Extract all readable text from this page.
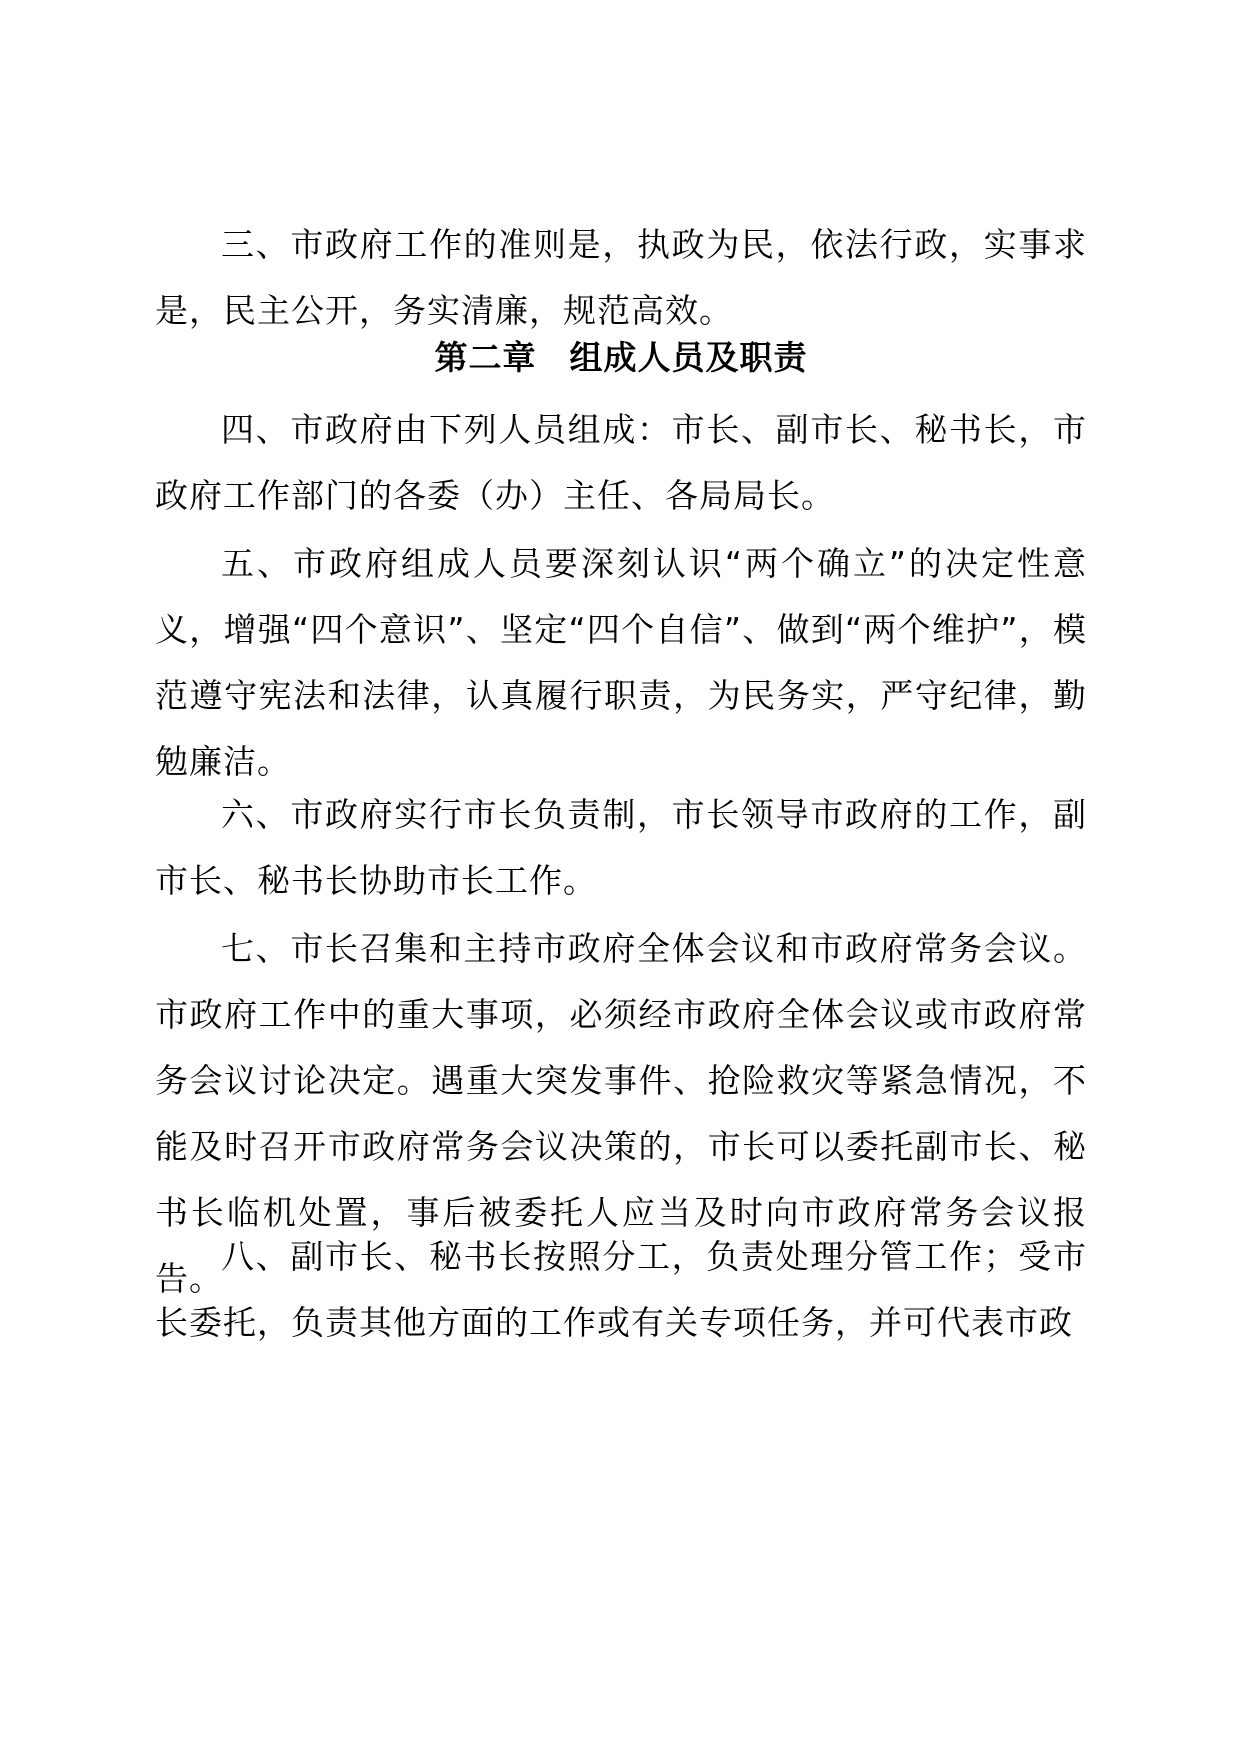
三、市政府工作的准则是，执政为民，依法行政，实事求是，民主公开，务实清廉，规范高效。

第二章 组成人员及职责

四、市政府由下列人员组成：市长、副市长、秘书长，市政府工作部门的各委（办）主任、各局局长。

五、市政府组成人员要深刻认识“两个确立”的决定性意义，增强“四个意识”、坚定“四个自信”、做到“两个维护”，模范遵守宪法和法律，认真履行职责，为民务实，严守纪律，勤勉廉洁。

六、市政府实行市长负责制，市长领导市政府的工作，副市长、秘书长协助市长工作。

七、市长召集和主持市政府全体会议和市政府常务会议。市政府工作中的重大事项，必须经市政府全体会议或市政府常务会议讨论决定。遇重大突发事件、抢险救灾等紧急情况，不能及时召开市政府常务会议决策的，市长可以委托副市长、秘书长临机处置，事后被委托人应当及时向市政府常务会议报告。

八、副市长、秘书长按照分工，负责处理分管工作；受市长委托，负责其他方面的工作或有关专项任务，并可代表市政
